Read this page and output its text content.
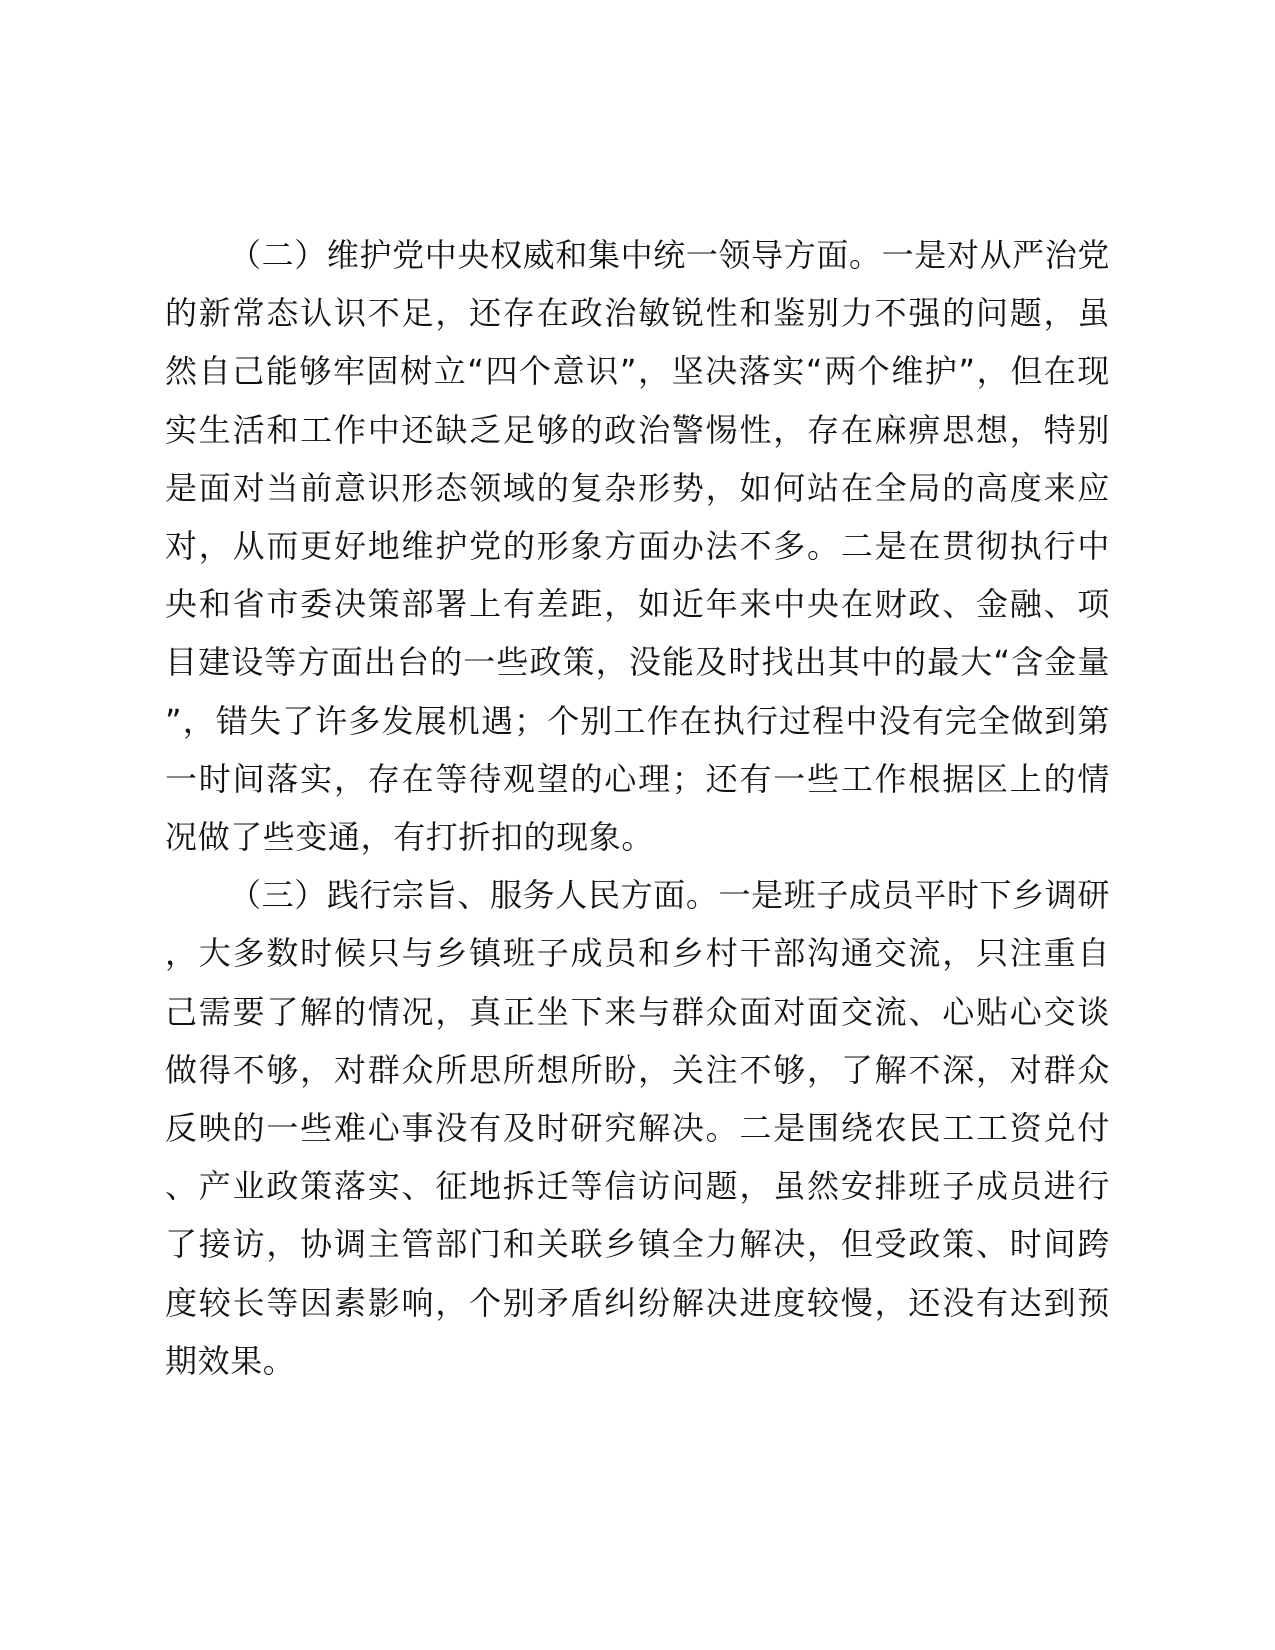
（二）维护党中央权威和集中统一领导方面。一是对从严治党的新常态认识不足，还存在政治敏锐性和鉴别力不强的问题，虽然自己能够牢固树立“四个意识”，坚决落实“两个维护”，但在现实生活和工作中还缺乏足够的政治警惕性，存在麻痹思想，特别是面对当前意识形态领域的复杂形势，如何站在全局的高度来应对，从而更好地维护党的形象方面办法不多。二是在贯彻执行中央和省市委决策部署上有差距，如近年来中央在财政、金融、项目建设等方面出台的一些政策，没能及时找出其中的最大“含金量”，错失了许多发展机遇；个别工作在执行过程中没有完全做到第一时间落实，存在等待观望的心理；还有一些工作根据区上的情况做了些变通，有打折扣的现象。

（三）践行宗旨、服务人民方面。一是班子成员平时下乡调研，大多数时候只与乡镇班子成员和乡村干部沟通交流，只注重自己需要了解的情况，真正坐下来与群众面对面交流、心贴心交谈做得不够，对群众所思所想所盼，关注不够，了解不深，对群众反映的一些难心事没有及时研究解决。二是围绕农民工工资兑付、产业政策落实、征地拆迁等信访问题，虽然安排班子成员进行了接访，协调主管部门和关联乡镇全力解决，但受政策、时间跨度较长等因素影响，个别矛盾纠纷解决进度较慢，还没有达到预期效果。
